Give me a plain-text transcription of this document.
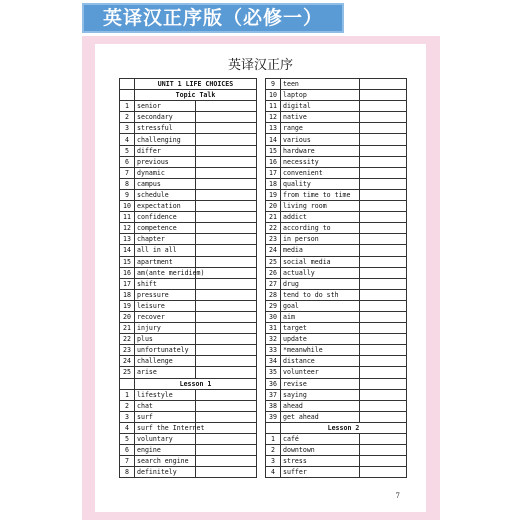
英译汉正序版（必修一）
英译汉正序
	UNIT 1 LIFE CHOICES	
	Topic Talk	
1	senior	
2	secondary	
3	stressful	
4	challenging	
5	differ	
6	previous	
7	dynamic	
8	campus	
9	schedule	
10	expectation	
11	confidence	
12	competence	
13	chapter	
14	all in all	
15	apartment	
16	am(ante meridiem)	
17	shift	
18	pressure	
19	leisure	
20	recover	
21	injury	
22	plus	
23	unfortunately	
24	challenge	
25	arise	
	Lesson 1	
1	lifestyle	
2	chat	
3	surf	
4	surf the Internet	
5	voluntary	
6	engine	
7	search engine	
8	definitely	
9	teen	
10	laptop	
11	digital	
12	native	
13	range	
14	various	
15	hardware	
16	necessity	
17	convenient	
18	quality	
19	from time to time	
20	living room	
21	addict	
22	according to	
23	in person	
24	media	
25	social media	
26	actually	
27	drug	
28	tend to do sth	
29	goal	
30	aim	
31	target	
32	update	
33	*meanwhile	
34	distance	
35	volunteer	
36	revise	
37	saying	
38	ahead	
39	get ahead	
	Lesson 2	
1	café	
2	downtown	
3	stress	
4	suffer	
7
